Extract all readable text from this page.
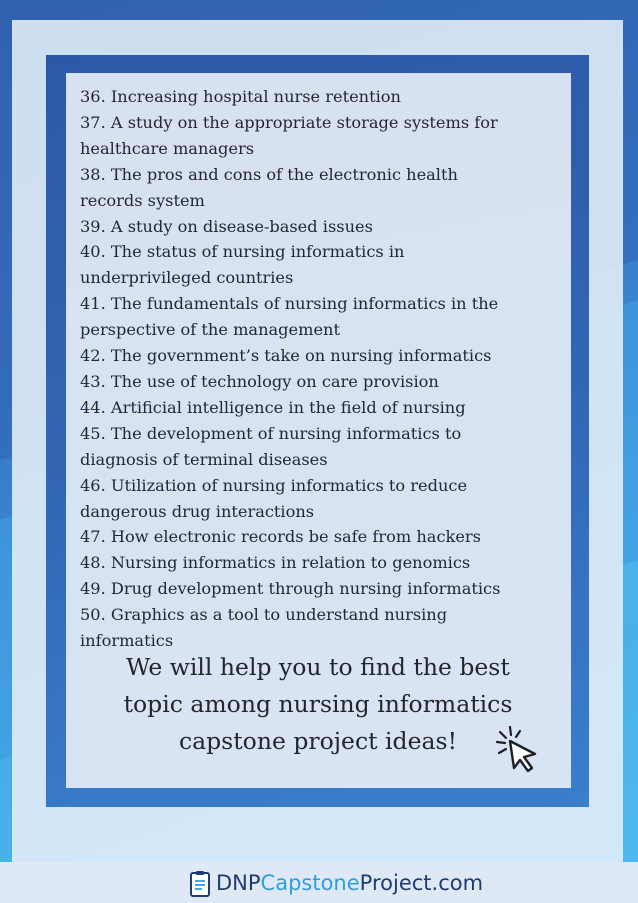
36. Increasing hospital nurse retention
37. A study on the appropriate storage systems for
healthcare managers
38. The pros and cons of the electronic health
records system
39. A study on disease-based issues
40. The status of nursing informatics in
underprivileged countries
41. The fundamentals of nursing informatics in the
perspective of the management
42. The government’s take on nursing informatics
43. The use of technology on care provision
44. Artificial intelligence in the field of nursing
45. The development of nursing informatics to
diagnosis of terminal diseases
46. Utilization of nursing informatics to reduce
dangerous drug interactions
47. How electronic records be safe from hackers
48. Nursing informatics in relation to genomics
49. Drug development through nursing informatics
50. Graphics as a tool to understand nursing
informatics
We will help you to find the best
topic among nursing informatics
capstone project ideas!
DNPCapstoneProject.com
